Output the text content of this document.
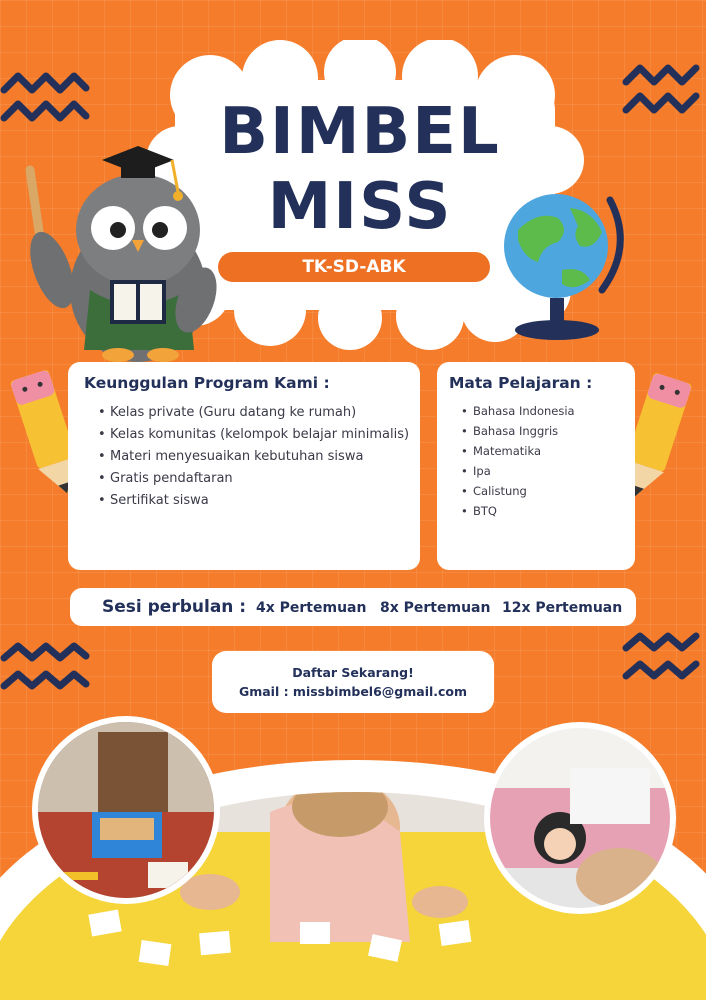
BIMBEL
MISS
TK-SD-ABK
Keunggulan Program Kami :
• Kelas private (Guru datang ke rumah)
• Kelas komunitas (kelompok belajar minimalis)
• Materi menyesuaikan kebutuhan siswa
• Gratis pendaftaran
• Sertifikat siswa
Mata Pelajaran :
• Bahasa Indonesia
• Bahasa Inggris
• Matematika
• Ipa
• Calistung
• BTQ
Sesi perbulan : 4x Pertemuan 8x Pertemuan 12x Pertemuan
Daftar Sekarang!
Gmail : missbimbel6@gmail.com
